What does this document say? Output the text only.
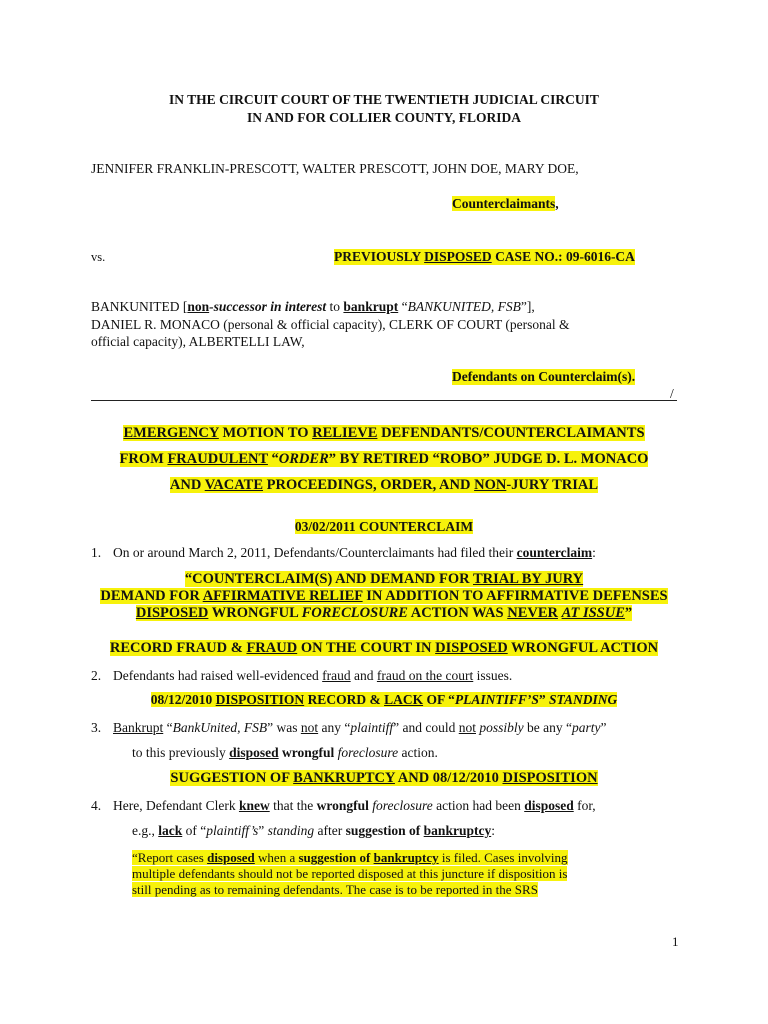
IN THE CIRCUIT COURT OF THE TWENTIETH JUDICIAL CIRCUIT
IN AND FOR COLLIER COUNTY, FLORIDA
JENNIFER FRANKLIN-PRESCOTT, WALTER PRESCOTT, JOHN DOE, MARY DOE,
Counterclaimants,
vs.	PREVIOUSLY DISPOSED CASE NO.: 09-6016-CA
BANKUNITED [non-successor in interest to bankrupt “BANKUNITED, FSB”],
DANIEL R. MONACO (personal & official capacity), CLERK OF COURT (personal &
official capacity), ALBERTELLI LAW,
Defendants on Counterclaim(s).
/
EMERGENCY MOTION TO RELIEVE DEFENDANTS/COUNTERCLAIMANTS
FROM FRAUDULENT “ORDER” BY RETIRED “ROBO” JUDGE D. L. MONACO
AND VACATE PROCEEDINGS, ORDER, AND NON-JURY TRIAL
03/02/2011 COUNTERCLAIM
1. On or around March 2, 2011, Defendants/Counterclaimants had filed their counterclaim:
“COUNTERCLAIM(S) AND DEMAND FOR TRIAL BY JURY
DEMAND FOR AFFIRMATIVE RELIEF IN ADDITION TO AFFIRMATIVE DEFENSES
DISPOSED WRONGFUL FORECLOSURE ACTION WAS NEVER AT ISSUE”
RECORD FRAUD & FRAUD ON THE COURT IN DISPOSED WRONGFUL ACTION
2. Defendants had raised well-evidenced fraud and fraud on the court issues.
08/12/2010 DISPOSITION RECORD & LACK OF “PLAINTIFF’S” STANDING
3. Bankrupt “BankUnited, FSB” was not any “plaintiff” and could not possibly be any “party”
to this previously disposed wrongful foreclosure action.
SUGGESTION OF BANKRUPTCY AND 08/12/2010 DISPOSITION
4. Here, Defendant Clerk knew that the wrongful foreclosure action had been disposed for,
e.g., lack of “plaintiff’s” standing after suggestion of bankruptcy:
“Report cases disposed when a suggestion of bankruptcy is filed. Cases involving
multiple defendants should not be reported disposed at this juncture if disposition is
still pending as to remaining defendants. The case is to be reported in the SRS
1
